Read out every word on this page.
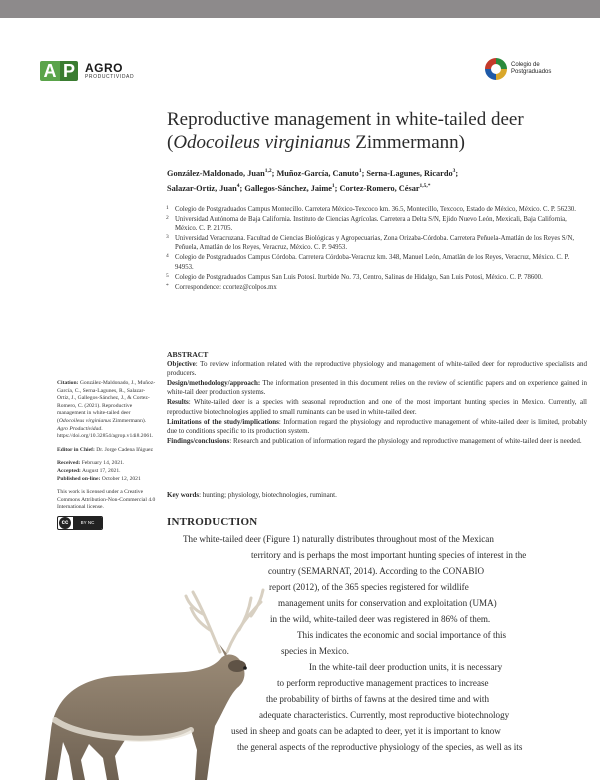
A P AGRO
PRODUCTIVIDAD
Colegio de
Postgraduados
Reproductive management in white-tailed deer
(Odocoileus virginianus Zimmermann)
González-Maldonado, Juan$^{1,2}$; Muñoz-García, Canuto$^1$; Serna-Lagunes, Ricardo$^3$;
Salazar-Ortiz, Juan$^4$; Gallegos-Sánchez, Jaime$^1$; Cortez-Romero, César$^{1,5,*}$
1 Colegio de Postgraduados Campus Montecillo. Carretera México-Texcoco km. 36.5, Montecillo, Texcoco, Estado de México, México. C. P. 56230.
2 Universidad Autónoma de Baja California. Instituto de Ciencias Agrícolas. Carretera a Delta S/N, Ejido Nuevo León, Mexicali, Baja California, México. C. P. 21705.
3 Universidad Veracruzana. Facultad de Ciencias Biológicas y Agropecuarias, Zona Orizaba-Córdoba. Carretera Peñuela-Amatlán de los Reyes S/N, Peñuela, Amatlán de los Reyes, Veracruz, México. C. P. 94953.
4 Colegio de Postgraduados Campus Córdoba. Carretera Córdoba-Veracruz km. 348, Manuel León, Amatlán de los Reyes, Veracruz, México. C. P. 94953.
5 Colegio de Postgraduados Campus San Luis Potosí. Iturbide No. 73, Centro, Salinas de Hidalgo, San Luis Potosí, México. C. P. 78600.
* Correspondence: ccortez@colpos.mx
ABSTRACT

Objective: To review information related with the reproductive physiology and management of white-tailed deer for reproductive specialists and producers.

Design/methodology/approach: The information presented in this document relies on the review of scientific papers and on experience gained in white-tail deer production systems.

Results: White-tailed deer is a species with seasonal reproduction and one of the most important hunting species in Mexico. Currently, all reproductive biotechnologies applied to small ruminants can be used in white-tailed deer.

Limitations of the study/implications: Information regard the physiology and reproductive management of white-tailed deer is limited, probably due to conditions specific to its production system.

Findings/conclusions: Research and publication of information regard the physiology and reproductive management of white-tailed deer is needed.

Key words: hunting; physiology, biotechnologies, ruminant.
Citation: González-Maldonado, J., Muñoz-García, C., Serna-Lagunes, R., Salazar-Ortiz, J., Gallegos-Sánchez, J., & Cortez-Romero, C. (2021). Reproductive management in white-tailed deer (Odocoileus virginianus Zimmermann). Agro Productividad. https://doi.org/10.32854/agrop.v14i8.2061.
Editor in Chief: Dr. Jorge Cadena Iñiguez
Received: February 14, 2021.
Accepted: August 17, 2021.
Published on-line: October 12, 2021
This work is licensed under a Creative Commons Attribution-Non-Commercial 4.0 International license.
cc	BY NC	INTRODUCTION
The white-tailed deer (Figure 1) naturally distributes throughout most of the Mexican
territory and is perhaps the most important hunting species of interest in the
country (SEMARNAT, 2014). According to the CONABIO
report (2012), of the 365 species registered for wildlife
management units for conservation and exploitation (UMA)
in the wild, white-tailed deer was registered in 86% of them.
This indicates the economic and social importance of this
species in Mexico.
In the white-tail deer production units, it is necessary
to perform reproductive management practices to increase
the probability of births of fawns at the desired time and with
adequate characteristics. Currently, most reproductive biotechnology
used in sheep and goats can be adapted to deer, yet it is important to know
the general aspects of the reproductive physiology of the species, as well as its
